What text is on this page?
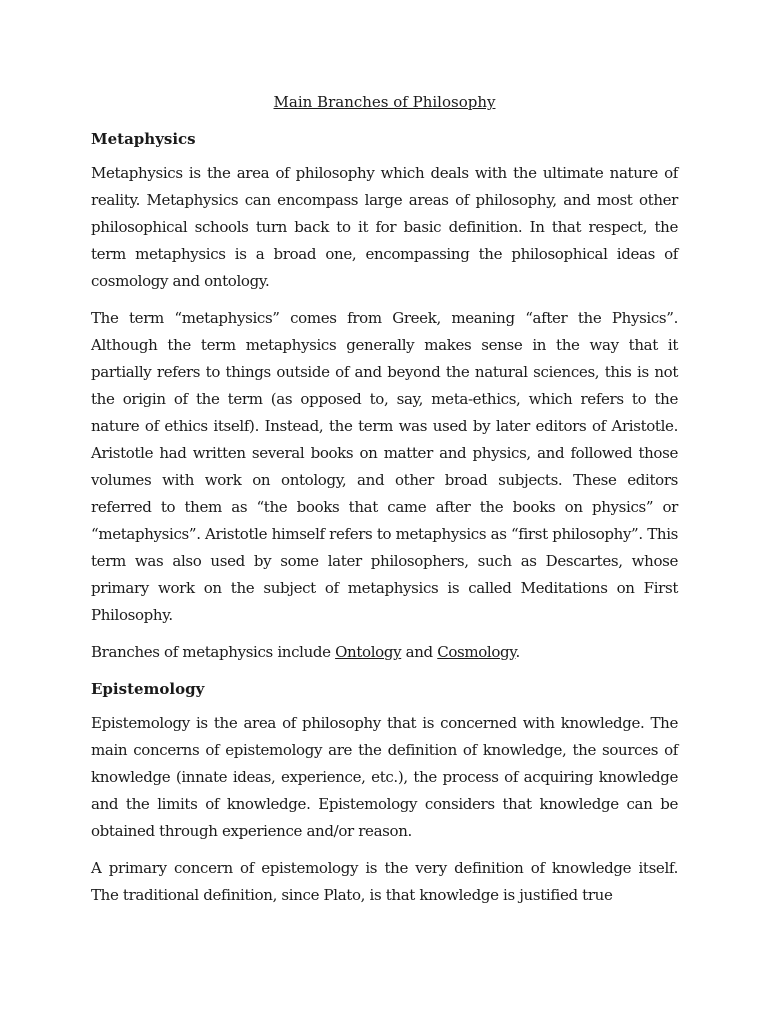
Main Branches of Philosophy
Metaphysics

Metaphysics is the area of philosophy which deals with the ultimate nature of reality. Metaphysics can encompass large areas of philosophy, and most other philosophical schools turn back to it for basic definition. In that respect, the term metaphysics is a broad one, encompassing the philosophical ideas of cosmology and ontology.

The term “metaphysics” comes from Greek, meaning “after the Physics”. Although the term metaphysics generally makes sense in the way that it partially refers to things outside of and beyond the natural sciences, this is not the origin of the term (as opposed to, say, meta-ethics, which refers to the nature of ethics itself). Instead, the term was used by later editors of Aristotle. Aristotle had written several books on matter and physics, and followed those volumes with work on ontology, and other broad subjects. These editors referred to them as “the books that came after the books on physics” or “metaphysics”. Aristotle himself refers to metaphysics as “first philosophy”. This term was also used by some later philosophers, such as Descartes, whose primary work on the subject of metaphysics is called Meditations on First Philosophy.

Branches of metaphysics include Ontology and Cosmology.

Epistemology

Epistemology is the area of philosophy that is concerned with knowledge. The main concerns of epistemology are the definition of knowledge, the sources of knowledge (innate ideas, experience, etc.), the process of acquiring knowledge and the limits of knowledge. Epistemology considers that knowledge can be obtained through experience and/or reason.

A primary concern of epistemology is the very definition of knowledge itself. The traditional definition, since Plato, is that knowledge is justified true
